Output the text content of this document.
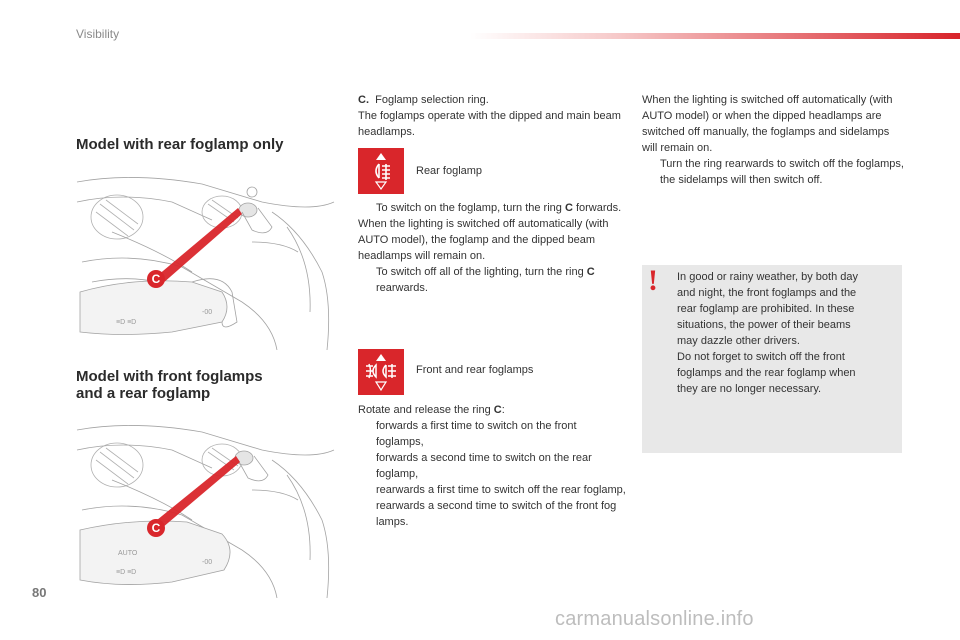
Visibility
Model with rear foglamp only
≡D ≡D
-00
C
Model with front foglamps
and a rear foglamp
AUTO
≡D ≡D
-00
C

C. Foglamp selection ring.

The foglamps operate with the dipped and main beam headlamps.

Rear foglamp
To switch on the foglamp, turn the ring C forwards.

When the lighting is switched off automatically (with AUTO model), the foglamp and the dipped beam headlamps will remain on.

To switch off all of the lighting, turn the ring C rearwards.
Front and rear foglamps

Rotate and release the ring C:

forwards a first time to switch on the front foglamps,
forwards a second time to switch on the rear foglamp,
rearwards a first time to switch off the rear foglamp,
rearwards a second time to switch of the front fog lamps.

When the lighting is switched off automatically (with AUTO model) or when the dipped headlamps are switched off manually, the foglamps and sidelamps will remain on.

Turn the ring rearwards to switch off the foglamps, the sidelamps will then switch off.
! In good or rainy weather, by both day
and night, the front foglamps and the
rear foglamp are prohibited. In these
situations, the power of their beams
may dazzle other drivers.
Do not forget to switch off the front
foglamps and the rear foglamp when
they are no longer necessary.
80
carmanualsonline.info
